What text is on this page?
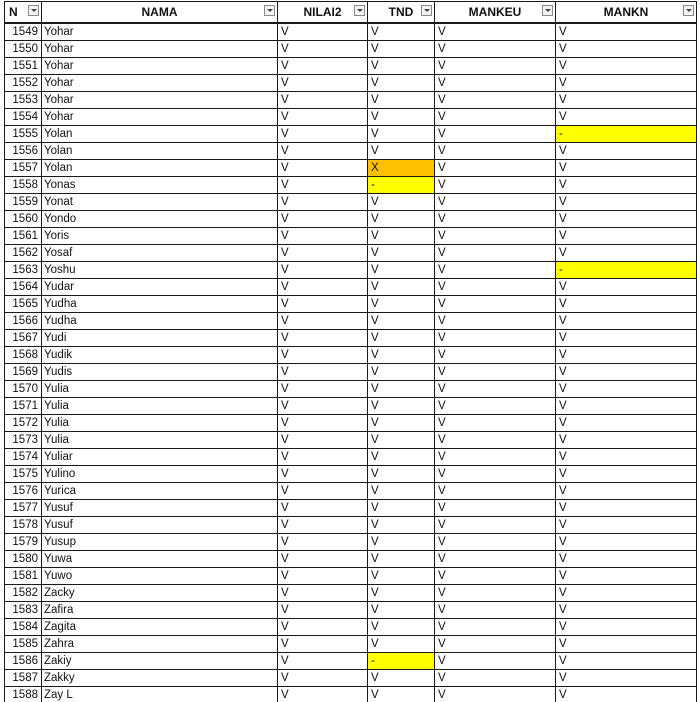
N	NAMA	NILAI2	TND	MANKEU	MANKN

1549	Yohar	V	V	V	V
1550	Yohar	V	V	V	V
1551	Yohar	V	V	V	V
1552	Yohar	V	V	V	V
1553	Yohar	V	V	V	V
1554	Yohar	V	V	V	V
1555	Yolan	V	V	V	-
1556	Yolan	V	V	V	V
1557	Yolan	V	X	V	V
1558	Yonas	V	-	V	V
1559	Yonat	V	V	V	V
1560	Yondo	V	V	V	V
1561	Yoris	V	V	V	V
1562	Yosaf	V	V	V	V
1563	Yoshu	V	V	V	-
1564	Yudar	V	V	V	V
1565	Yudha	V	V	V	V
1566	Yudha	V	V	V	V
1567	Yudi	V	V	V	V
1568	Yudik	V	V	V	V
1569	Yudis	V	V	V	V
1570	Yulia	V	V	V	V
1571	Yulia	V	V	V	V
1572	Yulia	V	V	V	V
1573	Yulia	V	V	V	V
1574	Yuliar	V	V	V	V
1575	Yulino	V	V	V	V
1576	Yurica	V	V	V	V
1577	Yusuf	V	V	V	V
1578	Yusuf	V	V	V	V
1579	Yusup	V	V	V	V
1580	Yuwa	V	V	V	V
1581	Yuwo	V	V	V	V
1582	Zacky	V	V	V	V
1583	Zafira	V	V	V	V
1584	Zagita	V	V	V	V
1585	Zahra	V	V	V	V
1586	Zakiy	V	-	V	V
1587	Zakky	V	V	V	V
1588	Zay L	V	V	V	V
